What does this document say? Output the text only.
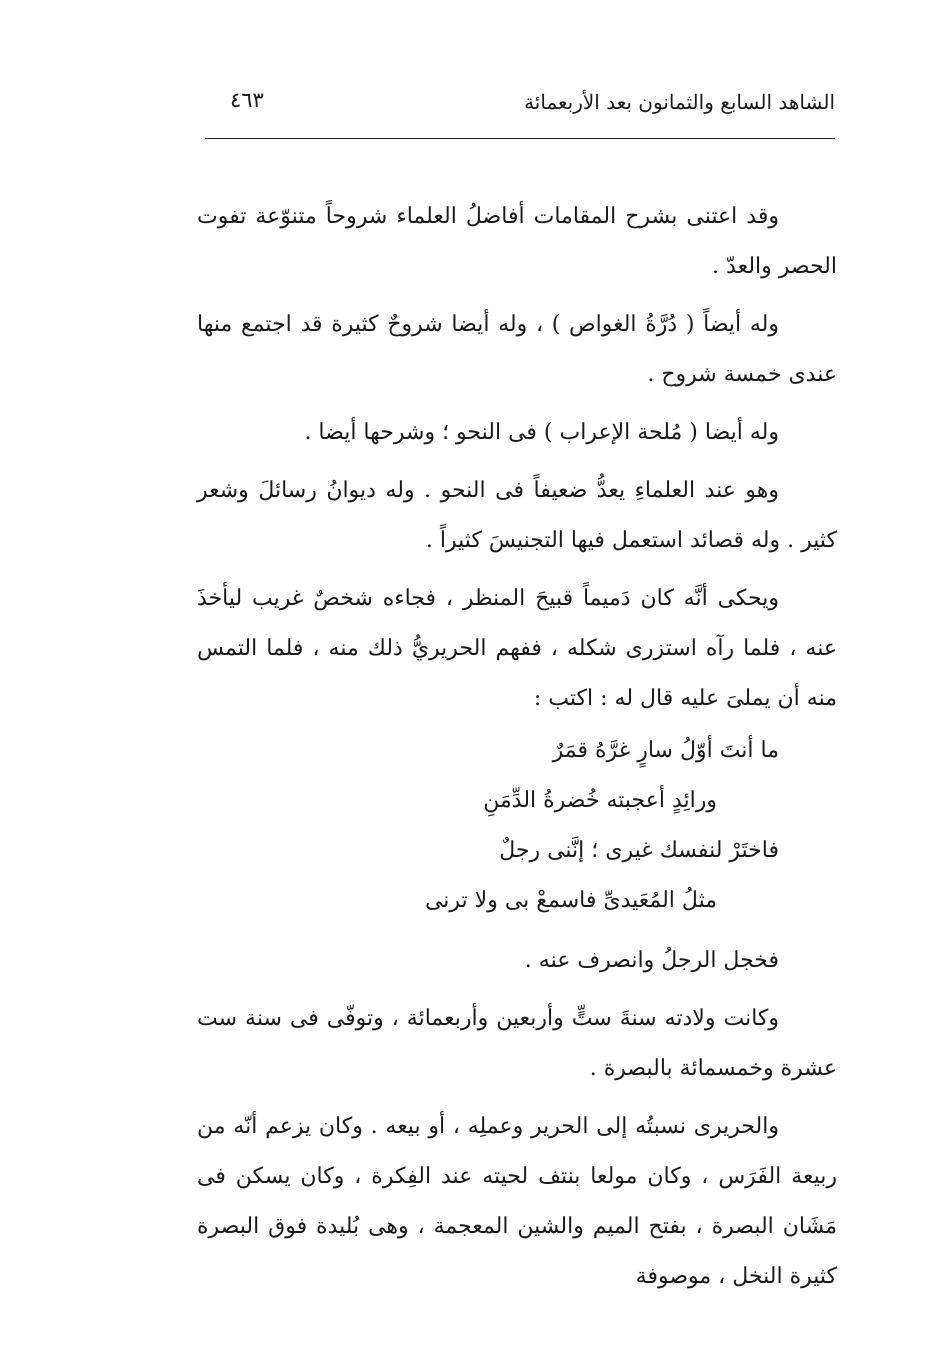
الشاهد السابع والثمانون بعد الأربعمائة
٤٦٣

وقد اعتنى بشرح المقامات أفاضلُ العلماء شروحاً متنوّعة تفوت الحصر والعدّ .

وله أيضاً ( دُرَّةُ الغواص ) ، وله أيضا شروحٌ كثيرة قد اجتمع منها عندى خمسة شروح .

وله أيضا ( مُلحة الإعراب ) فى النحو ؛ وشرحها أيضا .

وهو عند العلماءِ يعدُّ ضعيفاً فى النحو . وله ديوانُ رسائلَ وشعر كثير . وله قصائد استعمل فيها التجنيسَ كثيراً .

ويحكى أنَّه كان دَميماً قبيحَ المنظر ، فجاءه شخصٌ غريب ليأخذَ عنه ، فلما رآه استزرى شكله ، ففهم الحريريُّ ذلك منه ، فلما التمس منه أن يملىَ عليه قال له : اكتب :

ما أنتَ أوّلُ سارٍ غرَّهُ قمَرٌ

ورائِدٍ أعجبته خُضرةُ الدِّمَنِ

فاختَرْ لنفسك غيرى ؛ إنَّنى رجلٌ

مثلُ المُعَيدىِّ فاسمعْ بى ولا ترنى

فخجل الرجلُ وانصرف عنه .

وكانت ولادته سنةَ ستٍّ وأربعين وأربعمائة ، وتوفّى فى سنة ست عشرة وخمسمائة بالبصرة .

والحريرى نسبتُه إلى الحرير وعملِه ، أو بيعه . وكان يزعم أنّه من ربيعة الفَرَس ، وكان مولعا بنتف لحيته عند الفِكرة ، وكان يسكن فى مَشَان البصرة ، بفتح الميم والشين المعجمة ، وهى بُليدة فوق البصرة كثيرة النخل ، موصوفة
